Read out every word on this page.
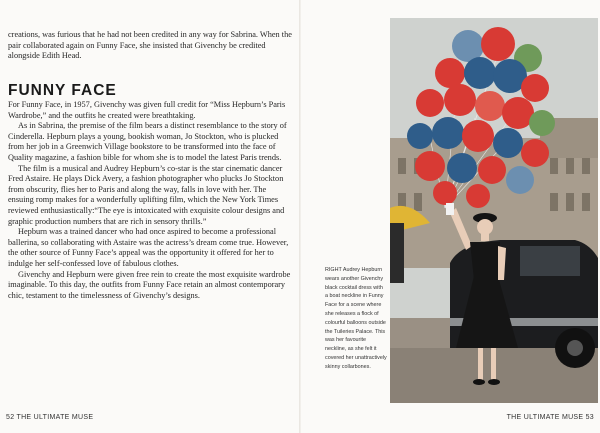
creations, was furious that he had not been credited in any way for Sabrina. When the pair collaborated again on Funny Face, she insisted that Givenchy be credited alongside Edith Head.

FUNNY FACE

For Funny Face, in 1957, Givenchy was given full credit for “Miss Hepburn’s Paris Wardrobe,” and the outfits he created were breathtaking.

As in Sabrina, the premise of the film bears a distinct resemblance to the story of Cinderella. Hepburn plays a young, bookish woman, Jo Stockton, who is plucked from her job in a Greenwich Village bookstore to be transformed into the face of Quality magazine, a fashion bible for whom she is to model the latest Paris trends.

The film is a musical and Audrey Hepburn’s co-star is the star cinematic dancer Fred Astaire. He plays Dick Avery, a fashion photographer who plucks Jo Stockton from obscurity, flies her to Paris and along the way, falls in love with her. The ensuing romp makes for a wonderfully uplifting film, which the New York Times reviewed enthusiastically:“The eye is intoxicated with exquisite colour designs and graphic production numbers that are rich in sensory thrills.”

Hepburn was a trained dancer who had once aspired to become a professional ballerina, so collaborating with Astaire was the actress’s dream come true. However, the other source of Funny Face’s appeal was the opportunity it offered for her to indulge her self-confessed love of fabulous clothes.

Givenchy and Hepburn were given free rein to create the most exquisite wardrobe imaginable. To this day, the outfits from Funny Face retain an almost contemporary chic, testament to the timelessness of Givenchy’s designs.

52 THE ULTIMATE MUSE
RIGHT Audrey Hepburn wears another Givenchy black cocktail dress with a boat neckline in Funny Face for a scene where she releases a flock of colourful balloons outside the Tuileries Palace. This was her favourite neckline, as she felt it covered her unattractively skinny collarbones.
THE ULTIMATE MUSE 53
